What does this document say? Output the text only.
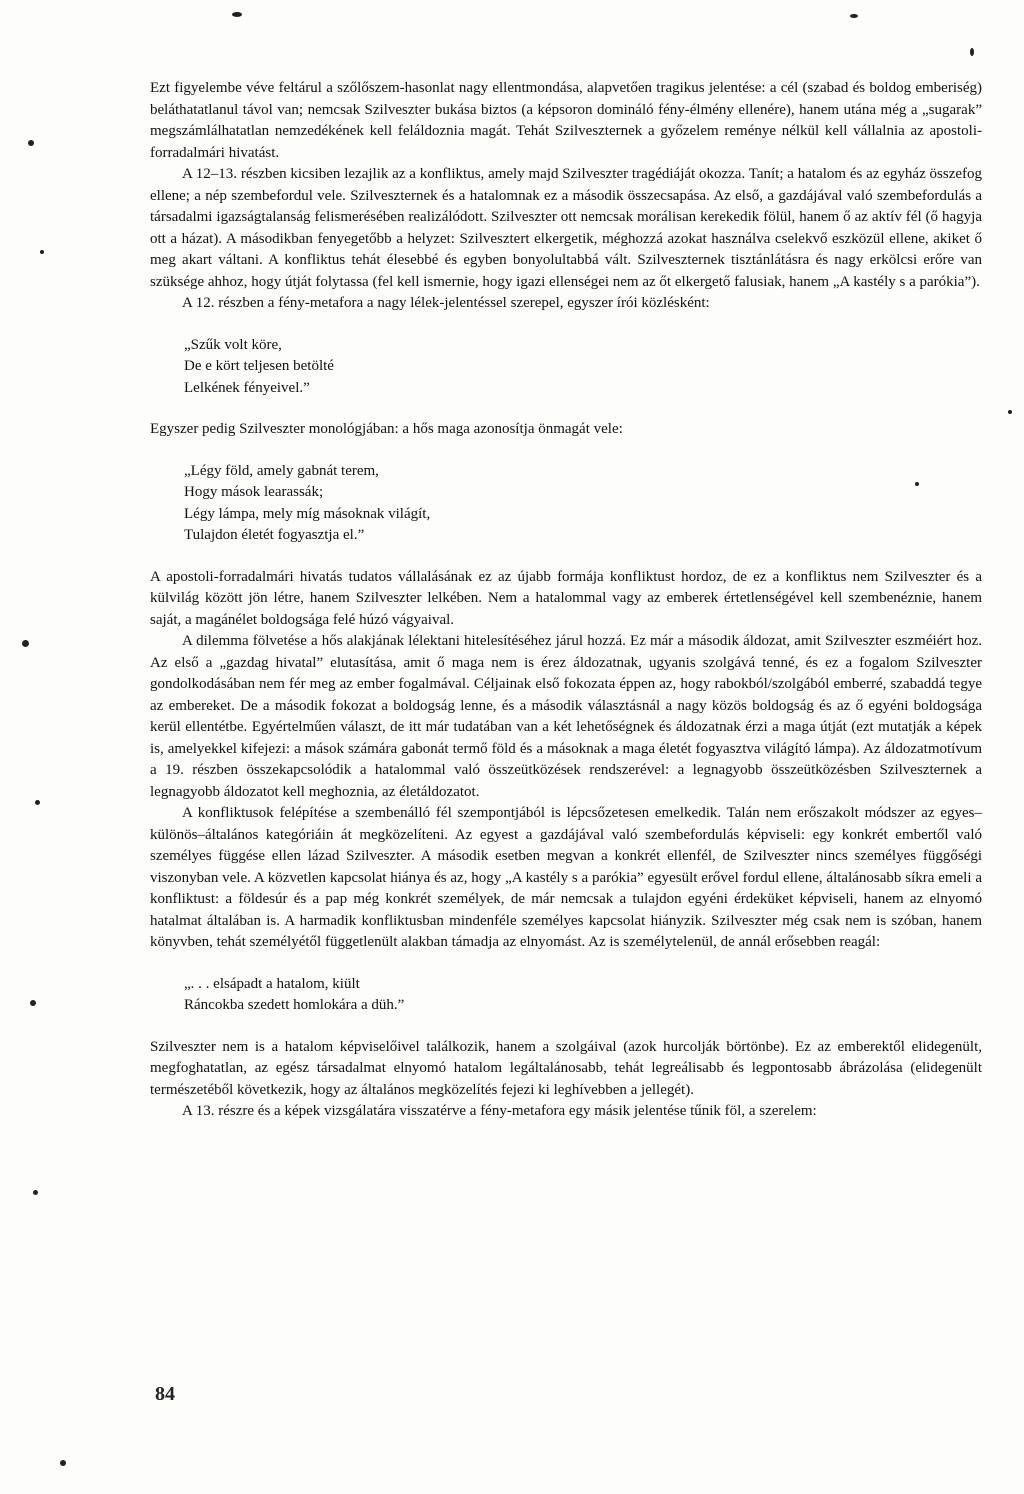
Ezt figyelembe véve feltárul a szőlőszem-hasonlat nagy ellentmondása, alapvetően tragikus jelentése: a cél (szabad és boldog emberiség) beláthatatlanul távol van; nemcsak Szilveszter bukása biztos (a képsoron domináló fény-élmény ellenére), hanem utána még a „sugarak” megszámlálhatatlan nemzedékének kell feláldoznia magát. Tehát Szilveszternek a győzelem reménye nélkül kell vállalnia az apostoli-forradalmári hivatást.

A 12–13. részben kicsiben lezajlik az a konfliktus, amely majd Szilveszter tragédiáját okozza. Tanít; a hatalom és az egyház összefog ellene; a nép szembefordul vele. Szilveszternek és a hatalomnak ez a második összecsapása. Az első, a gazdájával való szembefordulás a társadalmi igazságtalanság felismerésében realizálódott. Szilveszter ott nemcsak morálisan kerekedik fölül, hanem ő az aktív fél (ő hagyja ott a házat). A másodikban fenyegetőbb a helyzet: Szilvesztert elkergetik, méghozzá azokat használva cselekvő eszközül ellene, akiket ő meg akart váltani. A konfliktus tehát élesebbé és egyben bonyolultabbá vált. Szilveszternek tisztánlátásra és nagy erkölcsi erőre van szüksége ahhoz, hogy útját folytassa (fel kell ismernie, hogy igazi ellenségei nem az őt elkergető falusiak, hanem „A kastély s a parókia”).

A 12. részben a fény-metafora a nagy lélek-jelentéssel szerepel, egyszer írói közlésként:

„Szűk volt köre,
De e kört teljesen betölté
Lelkének fényeivel.”

Egyszer pedig Szilveszter monológjában: a hős maga azonosítja önmagát vele:

„Légy föld, amely gabnát terem,
Hogy mások learassák;
Légy lámpa, mely míg másoknak világít,
Tulajdon életét fogyasztja el.”

A apostoli-forradalmári hivatás tudatos vállalásának ez az újabb formája konfliktust hordoz, de ez a konfliktus nem Szilveszter és a külvilág között jön létre, hanem Szilveszter lelkében. Nem a hatalommal vagy az emberek értetlenségével kell szembenéznie, hanem saját, a magánélet boldogsága felé húzó vágyaival.

A dilemma fölvetése a hős alakjának lélektani hitelesítéséhez járul hozzá. Ez már a második áldozat, amit Szilveszter eszméiért hoz. Az első a „gazdag hivatal” elutasítása, amit ő maga nem is érez áldozatnak, ugyanis szolgává tenné, és ez a fogalom Szilveszter gondolkodásában nem fér meg az ember fogalmával. Céljainak első fokozata éppen az, hogy rabokból/szolgából emberré, szabaddá tegye az embereket. De a második fokozat a boldogság lenne, és a második választásnál a nagy közös boldogság és az ő egyéni boldogsága kerül ellentétbe. Egyértelműen választ, de itt már tudatában van a két lehetőségnek és áldozatnak érzi a maga útját (ezt mutatják a képek is, amelyekkel kifejezi: a mások számára gabonát termő föld és a másoknak a maga életét fogyasztva világító lámpa). Az áldozatmotívum a 19. részben összekapcsolódik a hatalommal való összeütközések rendszerével: a legnagyobb összeütközésben Szilveszternek a legnagyobb áldozatot kell meghoznia, az életáldozatot.

A konfliktusok felépítése a szembenálló fél szempontjából is lépcsőzetesen emelkedik. Talán nem erőszakolt módszer az egyes–különös–általános kategóriáin át megközelíteni. Az egyest a gazdájával való szembefordulás képviseli: egy konkrét embertől való személyes függése ellen lázad Szilveszter. A második esetben megvan a konkrét ellenfél, de Szilveszter nincs személyes függőségi viszonyban vele. A közvetlen kapcsolat hiánya és az, hogy „A kastély s a parókia” egyesült erővel fordul ellene, általánosabb síkra emeli a konfliktust: a földesúr és a pap még konkrét személyek, de már nemcsak a tulajdon egyéni érdeküket képviseli, hanem az elnyomó hatalmat általában is. A harmadik konfliktusban mindenféle személyes kapcsolat hiányzik. Szilveszter még csak nem is szóban, hanem könyvben, tehát személyétől függetlenült alakban támadja az elnyomást. Az is személytelenül, de annál erősebben reagál:

„. . . elsápadt a hatalom, kiült
Ráncokba szedett homlokára a düh.”

Szilveszter nem is a hatalom képviselőivel találkozik, hanem a szolgáival (azok hurcolják börtönbe). Ez az emberektől elidegenült, megfoghatatlan, az egész társadalmat elnyomó hatalom legáltalánosabb, tehát legreálisabb és legpontosabb ábrázolása (elidegenült természetéből következik, hogy az általános megközelítés fejezi ki leghívebben a jellegét).

A 13. részre és a képek vizsgálatára visszatérve a fény-metafora egy másik jelentése tűnik föl, a szerelem:

84
